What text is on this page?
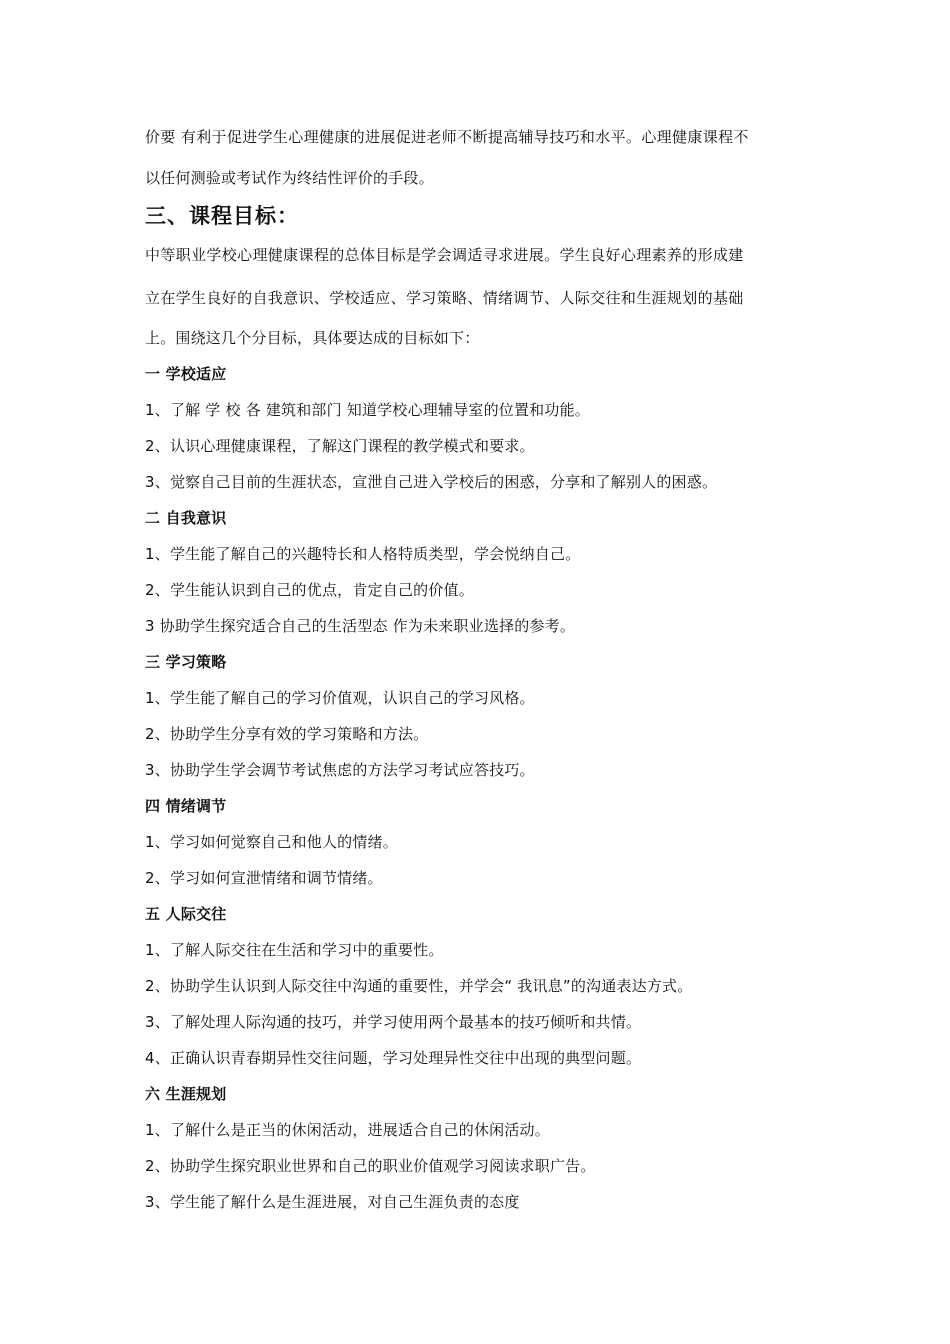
价要 有利于促进学生心理健康的进展促进老师不断提高辅导技巧和水平。心理健康课程不
以任何测验或考试作为终结性评价的手段。
三、课程目标：
中等职业学校心理健康课程的总体目标是学会调适寻求进展。学生良好心理素养的形成建
立在学生良好的自我意识、学校适应、学习策略、情绪调节、人际交往和生涯规划的基础
上。围绕这几个分目标，具体要达成的目标如下：
一 学校适应
1、了解 学 校 各 建筑和部门 知道学校心理辅导室的位置和功能。
2、认识心理健康课程，了解这门课程的教学模式和要求。
3、觉察自己目前的生涯状态，宣泄自己进入学校后的困惑，分享和了解别人的困惑。
二 自我意识
1、学生能了解自己的兴趣特长和人格特质类型，学会悦纳自己。
2、学生能认识到自己的优点，肯定自己的价值。
3 协助学生探究适合自己的生活型态 作为未来职业选择的参考。
三 学习策略
1、学生能了解自己的学习价值观，认识自己的学习风格。
2、协助学生分享有效的学习策略和方法。
3、协助学生学会调节考试焦虑的方法学习考试应答技巧。
四 情绪调节
1、学习如何觉察自己和他人的情绪。
2、学习如何宣泄情绪和调节情绪。
五 人际交往
1、了解人际交往在生活和学习中的重要性。
2、协助学生认识到人际交往中沟通的重要性，并学会“ 我讯息”的沟通表达方式。
3、了解处理人际沟通的技巧，并学习使用两个最基本的技巧倾听和共情。
4、正确认识青春期异性交往问题，学习处理异性交往中出现的典型问题。
六 生涯规划
1、了解什么是正当的休闲活动，进展适合自己的休闲活动。
2、协助学生探究职业世界和自己的职业价值观学习阅读求职广告。
3、学生能了解什么是生涯进展，对自己生涯负责的态度
